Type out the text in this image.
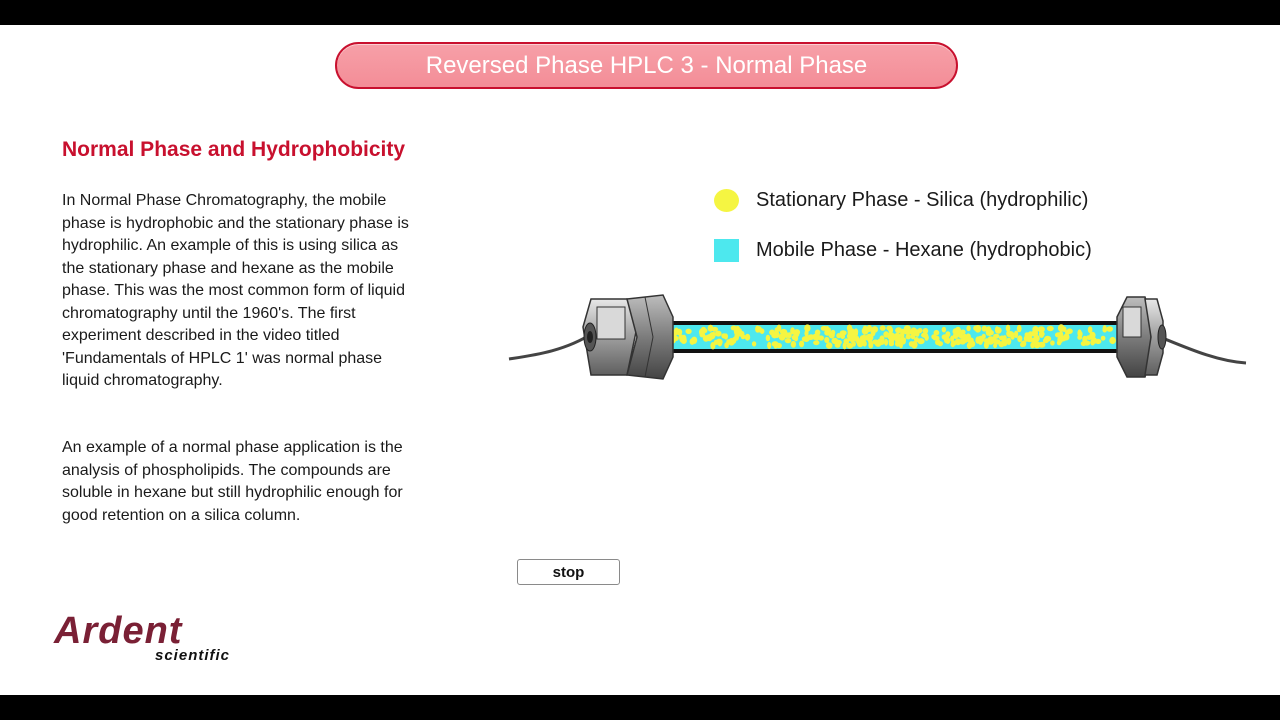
Reversed Phase HPLC 3 - Normal Phase
Normal Phase and Hydrophobicity

In Normal Phase Chromatography, the mobile phase is hydrophobic and the stationary phase is hydrophilic. An example of this is using silica as the stationary phase and hexane as the mobile phase. This was the most common form of liquid chromatography until the 1960's. The first experiment described in the video titled 'Fundamentals of HPLC 1' was normal phase liquid chromatography.

An example of a normal phase application is the analysis of phospholipids. The compounds are soluble in hexane but still hydrophilic enough for good retention on a silica column.

Stationary Phase - Silica (hydrophilic)
Mobile Phase - Hexane (hydrophobic)
stop
Ardent
scientific
